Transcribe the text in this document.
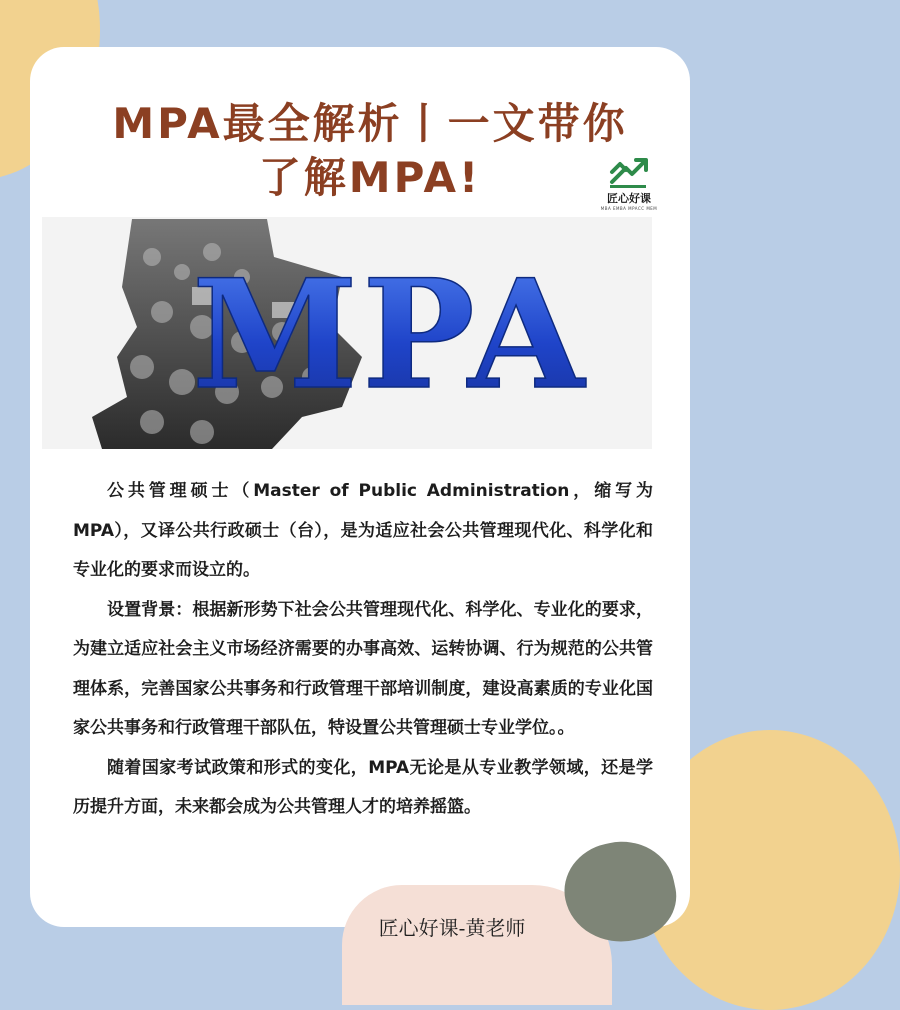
MPA最全解析丨一文带你
了解MPA!	匠心好课
MBA EMBA MPACC MEM
MPA

公共管理硕士（Master of Public Administration，缩写为MPA），又译公共行政硕士（台），是为适应社会公共管理现代化、科学化和专业化的要求而设立的。

设置背景：根据新形势下社会公共管理现代化、科学化、专业化的要求，为建立适应社会主义市场经济需要的办事高效、运转协调、行为规范的公共管理体系，完善国家公共事务和行政管理干部培训制度，建设高素质的专业化国家公共事务和行政管理干部队伍，特设置公共管理硕士专业学位。。

随着国家考试政策和形式的变化，MPA无论是从专业教学领域，还是学历提升方面，未来都会成为公共管理人才的培养摇篮。

匠心好课-黄老师
